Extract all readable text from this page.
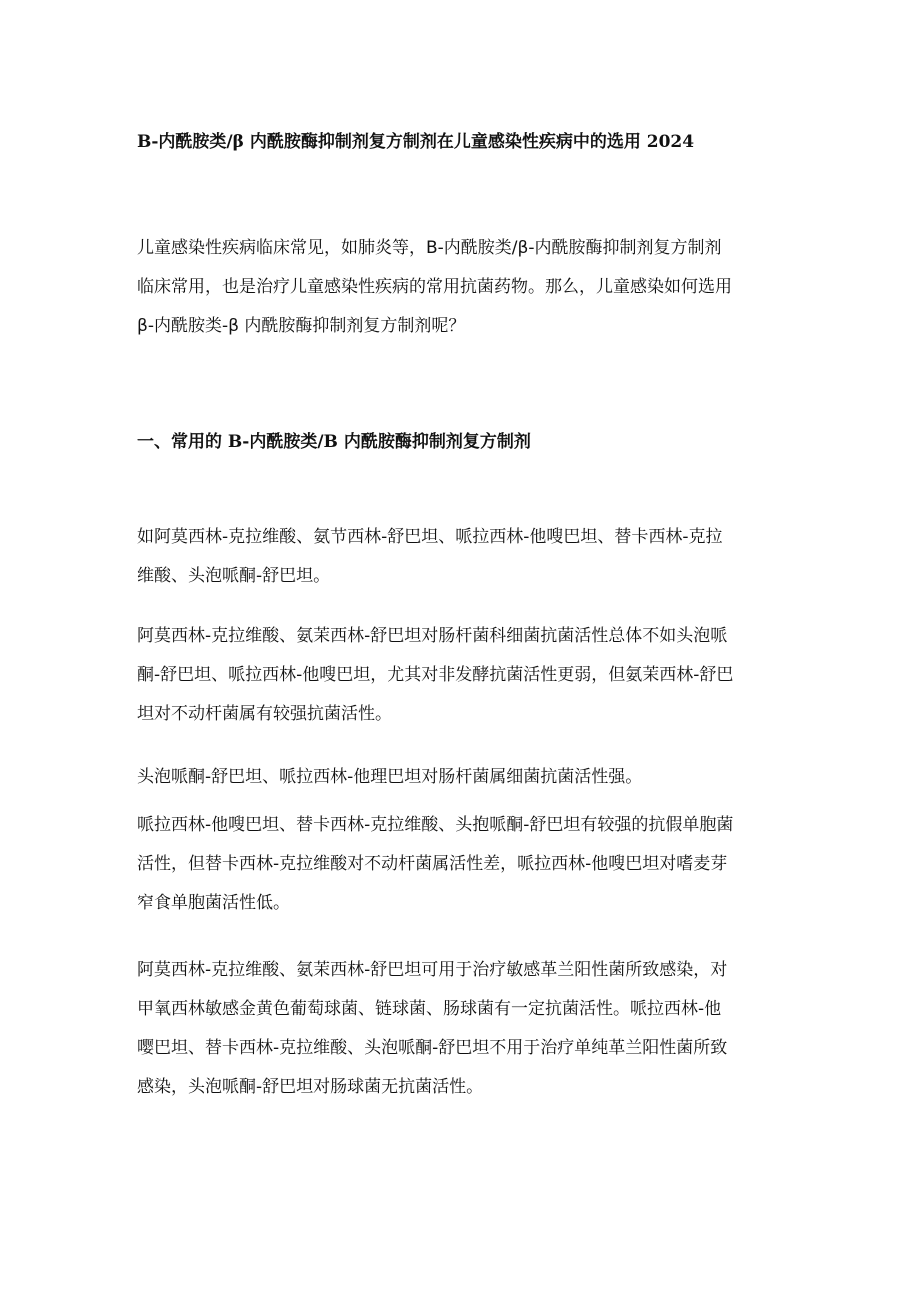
Β-内酰胺类/β 内酰胺酶抑制剂复方制剂在儿童感染性疾病中的选用 2024
儿童感染性疾病临床常见，如肺炎等，Β-内酰胺类/β-内酰胺酶抑制剂复方制剂
临床常用，也是治疗儿童感染性疾病的常用抗菌药物。那么，儿童感染如何选用
β-内酰胺类-β 内酰胺酶抑制剂复方制剂呢？
一、常用的 Β-内酰胺类/Β 内酰胺酶抑制剂复方制剂
如阿莫西林-克拉维酸、氨节西林-舒巴坦、哌拉西林-他嗖巴坦、替卡西林-克拉
维酸、头泡哌酮-舒巴坦。
阿莫西林-克拉维酸、氨茉西林-舒巴坦对肠杆菌科细菌抗菌活性总体不如头泡哌
酮-舒巴坦、哌拉西林-他嗖巴坦，尤其对非发酵抗菌活性更弱，但氨茉西林-舒巴
坦对不动杆菌属有较强抗菌活性。
头泡哌酮-舒巴坦、哌拉西林-他理巴坦对肠杆菌属细菌抗菌活性强。
哌拉西林-他嗖巴坦、替卡西林-克拉维酸、头抱哌酮-舒巴坦有较强的抗假单胞菌
活性，但替卡西林-克拉维酸对不动杆菌属活性差，哌拉西林-他嗖巴坦对嗜麦芽
窄食单胞菌活性低。
阿莫西林-克拉维酸、氨茉西林-舒巴坦可用于治疗敏感革兰阳性菌所致感染，对
甲氧西林敏感金黄色葡萄球菌、链球菌、肠球菌有一定抗菌活性。哌拉西林-他
嘤巴坦、替卡西林-克拉维酸、头泡哌酮-舒巴坦不用于治疗单纯革兰阳性菌所致
感染，头泡哌酮-舒巴坦对肠球菌无抗菌活性。
